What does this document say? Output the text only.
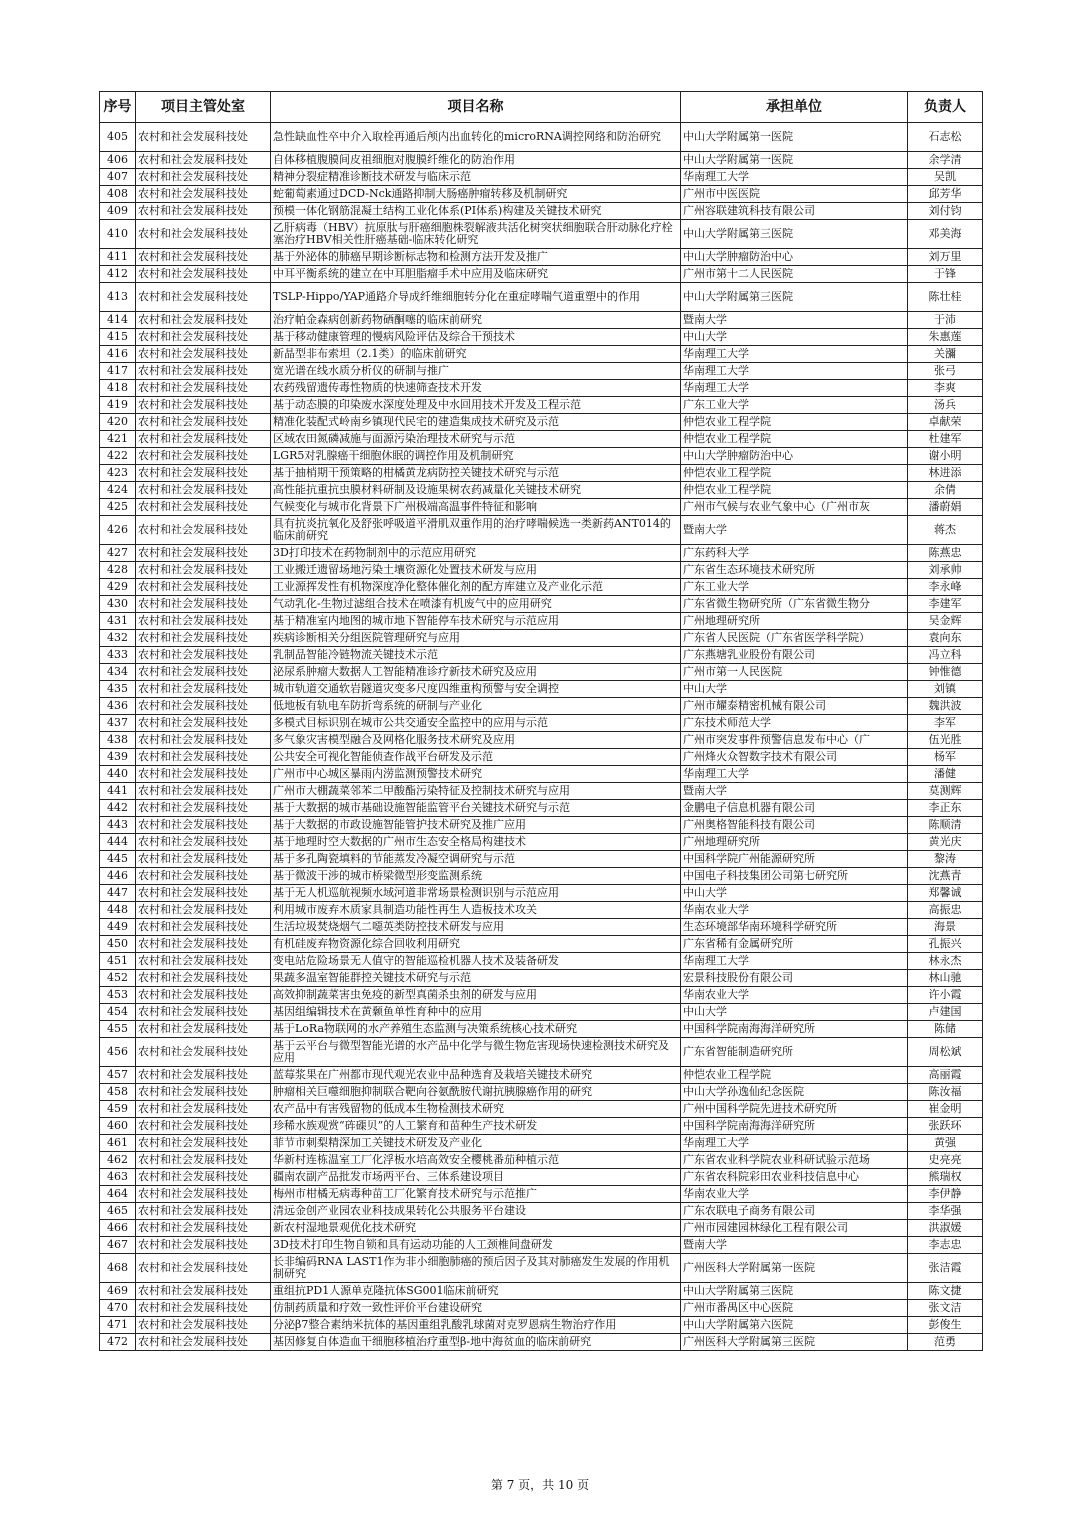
序号	项目主管处室	项目名称	承担单位	负责人
405	农村和社会发展科技处	急性缺血性卒中介入取栓再通后颅内出血转化的microRNA调控网络和防治研究	中山大学附属第一医院	石志松
406	农村和社会发展科技处	自体移植腹膜间皮祖细胞对腹膜纤维化的防治作用	中山大学附属第一医院	余学清
407	农村和社会发展科技处	精神分裂症精准诊断技术研发与临床示范	华南理工大学	吴凯
408	农村和社会发展科技处	蛇葡萄素通过DCD-Nck通路抑制大肠癌肿瘤转移及机制研究	广州市中医医院	邱芳华
409	农村和社会发展科技处	预模一体化钢筋混凝土结构工业化体系(PI体系)构建及关键技术研究	广州容联建筑科技有限公司	刘付钧
410	农村和社会发展科技处	乙肝病毒（HBV）抗原肽与肝癌细胞株裂解液共活化树突状细胞联合肝动脉化疗栓塞治疗HBV相关性肝癌基础-临床转化研究	中山大学附属第三医院	邓美海
411	农村和社会发展科技处	基于外泌体的肺癌早期诊断标志物和检测方法开发及推广	中山大学肿瘤防治中心	刘万里
412	农村和社会发展科技处	中耳平衡系统的建立在中耳胆脂瘤手术中应用及临床研究	广州市第十二人民医院	于锋
413	农村和社会发展科技处	TSLP-Hippo/YAP通路介导成纤维细胞转分化在重症哮喘气道重塑中的作用	中山大学附属第三医院	陈壮桂
414	农村和社会发展科技处	治疗帕金森病创新药物硒酮噻的临床前研究	暨南大学	于沛
415	农村和社会发展科技处	基于移动健康管理的慢病风险评估及综合干预技术	中山大学	朱惠莲
416	农村和社会发展科技处	新晶型非布索坦（2.1类）的临床前研究	华南理工大学	关瀰
417	农村和社会发展科技处	宽光谱在线水质分析仪的研制与推广	华南理工大学	张弓
418	农村和社会发展科技处	农药残留遗传毒性物质的快速筛查技术开发	华南理工大学	李爽
419	农村和社会发展科技处	基于动态膜的印染废水深度处理及中水回用技术开发及工程示范	广东工业大学	汤兵
420	农村和社会发展科技处	精准化装配式岭南乡镇现代民宅的建造集成技术研究及示范	仲恺农业工程学院	卓献荣
421	农村和社会发展科技处	区域农田氮磷减施与面源污染治理技术研究与示范	仲恺农业工程学院	杜建军
422	农村和社会发展科技处	LGR5对乳腺癌干细胞休眠的调控作用及机制研究	中山大学肿瘤防治中心	谢小明
423	农村和社会发展科技处	基于抽梢期干预策略的柑橘黄龙病防控关键技术研究与示范	仲恺农业工程学院	林进添
424	农村和社会发展科技处	高性能抗重抗虫膜材料研制及设施果树农药减量化关键技术研究	仲恺农业工程学院	余倩
425	农村和社会发展科技处	气候变化与城市化背景下广州极端高温事件特征和影响	广州市气候与农业气象中心（广州市灰	潘蔚娟
426	农村和社会发展科技处	具有抗炎抗氧化及舒张呼吸道平滑肌双重作用的治疗哮喘候选一类新药ANT014的临床前研究	暨南大学	蒋杰
427	农村和社会发展科技处	3D打印技术在药物制剂中的示范应用研究	广东药科大学	陈燕忠
428	农村和社会发展科技处	工业搬迁遗留场地污染土壤资源化处置技术研发与应用	广东省生态环境技术研究所	刘承帅
429	农村和社会发展科技处	工业源挥发性有机物深度净化整体催化剂的配方库建立及产业化示范	广东工业大学	李永峰
430	农村和社会发展科技处	气动乳化-生物过滤组合技术在喷漆有机废气中的应用研究	广东省微生物研究所（广东省微生物分	李建军
431	农村和社会发展科技处	基于精准室内地图的城市地下智能停车技术研究与示范应用	广州地理研究所	吴金辉
432	农村和社会发展科技处	疾病诊断相关分组医院管理研究与应用	广东省人民医院（广东省医学科学院）	袁向东
433	农村和社会发展科技处	乳制品智能冷链物流关键技术示范	广东燕塘乳业股份有限公司	冯立科
434	农村和社会发展科技处	泌尿系肿瘤大数据人工智能精准诊疗新技术研究及应用	广州市第一人民医院	钟惟德
435	农村和社会发展科技处	城市轨道交通软岩隧道灾变多尺度四维重构预警与安全调控	中山大学	刘镇
436	农村和社会发展科技处	低地板有轨电车防折弯系统的研制与产业化	广州市耀泰精密机械有限公司	魏洪波
437	农村和社会发展科技处	多模式目标识别在城市公共交通安全监控中的应用与示范	广东技术师范大学	李军
438	农村和社会发展科技处	多气象灾害模型融合及网格化服务技术研究及应用	广州市突发事件预警信息发布中心（广	伍光胜
439	农村和社会发展科技处	公共安全可视化智能侦查作战平台研发及示范	广州烽火众智数字技术有限公司	杨军
440	农村和社会发展科技处	广州市中心城区暴雨内涝监测预警技术研究	华南理工大学	潘健
441	农村和社会发展科技处	广州市大棚蔬菜邻苯二甲酸酯污染特征及控制技术研究与应用	暨南大学	莫测辉
442	农村和社会发展科技处	基于大数据的城市基础设施智能监管平台关键技术研究与示范	金鹏电子信息机器有限公司	李正东
443	农村和社会发展科技处	基于大数据的市政设施智能管护技术研究及推广应用	广州奥格智能科技有限公司	陈顺清
444	农村和社会发展科技处	基于地理时空大数据的广州市生态安全格局构建技术	广州地理研究所	黄光庆
445	农村和社会发展科技处	基于多孔陶瓷填料的节能蒸发冷凝空调研究与示范	中国科学院广州能源研究所	黎涛
446	农村和社会发展科技处	基于微波干涉的城市桥梁微型形变监测系统	中国电子科技集团公司第七研究所	沈燕青
447	农村和社会发展科技处	基于无人机巡航视频水域河道非常场景检测识别与示范应用	中山大学	郑馨诚
448	农村和社会发展科技处	利用城市废弃木质家具制造功能性再生人造板技术攻关	华南农业大学	高振忠
449	农村和社会发展科技处	生活垃圾焚烧烟气二噁英类防控技术研发与应用	生态环境部华南环境科学研究所	海景
450	农村和社会发展科技处	有机硅废弃物资源化综合回收利用研究	广东省稀有金属研究所	孔振兴
451	农村和社会发展科技处	变电站危险场景无人值守的智能巡检机器人技术及装备研发	华南理工大学	林永杰
452	农村和社会发展科技处	果蔬多温室智能群控关键技术研究与示范	宏景科技股份有限公司	林山驰
453	农村和社会发展科技处	高效抑制蔬菜害虫免疫的新型真菌杀虫剂的研发与应用	华南农业大学	许小霞
454	农村和社会发展科技处	基因组编辑技术在黄颡鱼单性育种中的应用	中山大学	卢建国
455	农村和社会发展科技处	基于LoRa物联网的水产养殖生态监测与决策系统核心技术研究	中国科学院南海海洋研究所	陈储
456	农村和社会发展科技处	基于云平台与微型智能光谱的水产品中化学与微生物危害现场快速检测技术研究及应用	广东省智能制造研究所	周松斌
457	农村和社会发展科技处	蓝莓浆果在广州都市现代观光农业中品种选育及栽培关键技术研究	仲恺农业工程学院	高丽霞
458	农村和社会发展科技处	肿瘤相关巨噬细胞抑制联合靶向谷氨酰胺代谢抗胰腺癌作用的研究	中山大学孙逸仙纪念医院	陈汝福
459	农村和社会发展科技处	农产品中有害残留物的低成本生物检测技术研究	广州中国科学院先进技术研究所	崔金明
460	农村和社会发展科技处	珍稀水族观赏“砗磲贝”的人工繁育和苗种生产技术研发	中国科学院南海海洋研究所	张跃环
461	农村和社会发展科技处	菲节市刺梨精深加工关键技术研发及产业化	华南理工大学	黄强
462	农村和社会发展科技处	华新村连栋温室工厂化浮板水培高效安全樱桃番茄种植示范	广东省农业科学院农业科研试验示范场	史亮亮
463	农村和社会发展科技处	疆南农副产品批发市场两平台、三体系建设项目	广东省农科院彩田农业科技信息中心	熊瑞权
464	农村和社会发展科技处	梅州市柑橘无病毒种苗工厂化繁育技术研究与示范推广	华南农业大学	李伊静
465	农村和社会发展科技处	清远金创产业园农业科技成果转化公共服务平台建设	广东农联电子商务有限公司	李华强
466	农村和社会发展科技处	新农村湿地景观优化技术研究	广州市园建园林绿化工程有限公司	洪淑媛
467	农村和社会发展科技处	3D技术打印生物自锁和具有运动功能的人工颈椎间盘研发	暨南大学	李志忠
468	农村和社会发展科技处	长非编码RNA LAST1作为非小细胞肺癌的预后因子及其对肺癌发生发展的作用机制研究	广州医科大学附属第一医院	张洁霞
469	农村和社会发展科技处	重组抗PD1人源单克隆抗体SG001临床前研究	中山大学附属第三医院	陈文捷
470	农村和社会发展科技处	仿制药质量和疗效一致性评价平台建设研究	广州市番禺区中心医院	张文洁
471	农村和社会发展科技处	分泌β7整合素纳米抗体的基因重组乳酸乳球菌对克罗恩病生物治疗作用	中山大学附属第六医院	彭俊生
472	农村和社会发展科技处	基因修复自体造血干细胞移植治疗重型β-地中海贫血的临床前研究	广州医科大学附属第三医院	范勇
第 7 页，共 10 页
